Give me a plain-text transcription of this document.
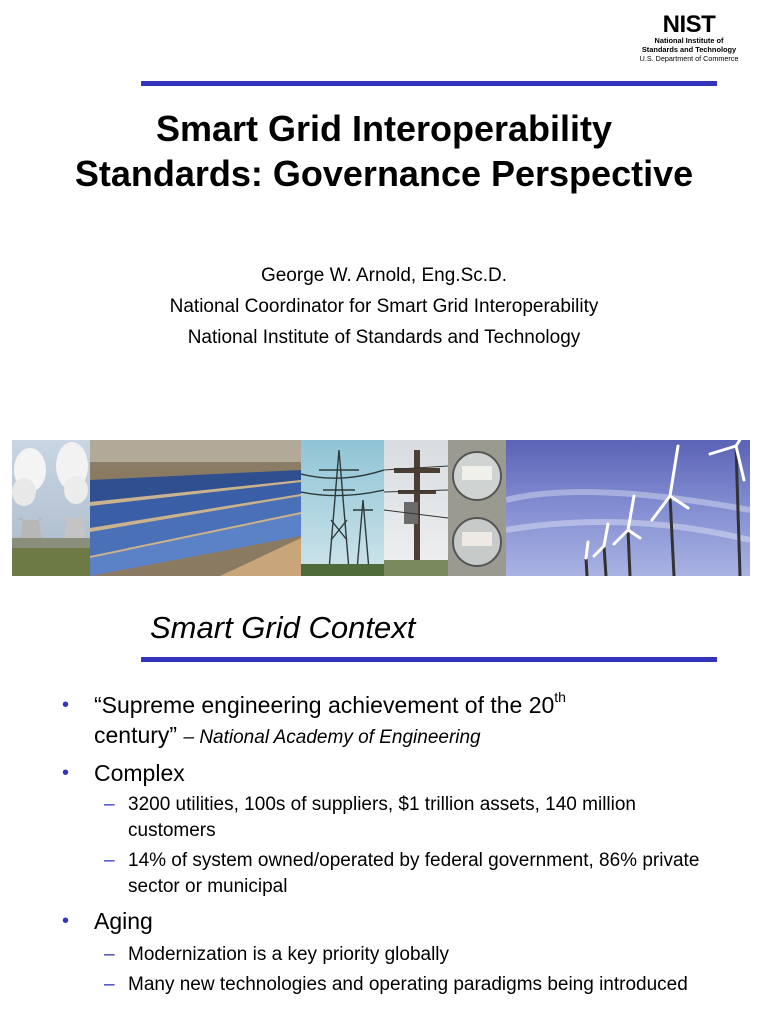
NIST
National Institute of
Standards and Technology
U.S. Department of Commerce
Smart Grid Interoperability
Standards: Governance Perspective
George W. Arnold, Eng.Sc.D.
National Coordinator for Smart Grid Interoperability
National Institute of Standards and Technology
Smart Grid Context
• “Supreme engineering achievement of the 20th
century” – National Academy of Engineering
• Complex
– 3200 utilities, 100s of suppliers, $1 trillion assets, 140 million customers
– 14% of system owned/operated by federal government, 86% private sector or municipal
• Aging
– Modernization is a key priority globally
– Many new technologies and operating paradigms being introduced
